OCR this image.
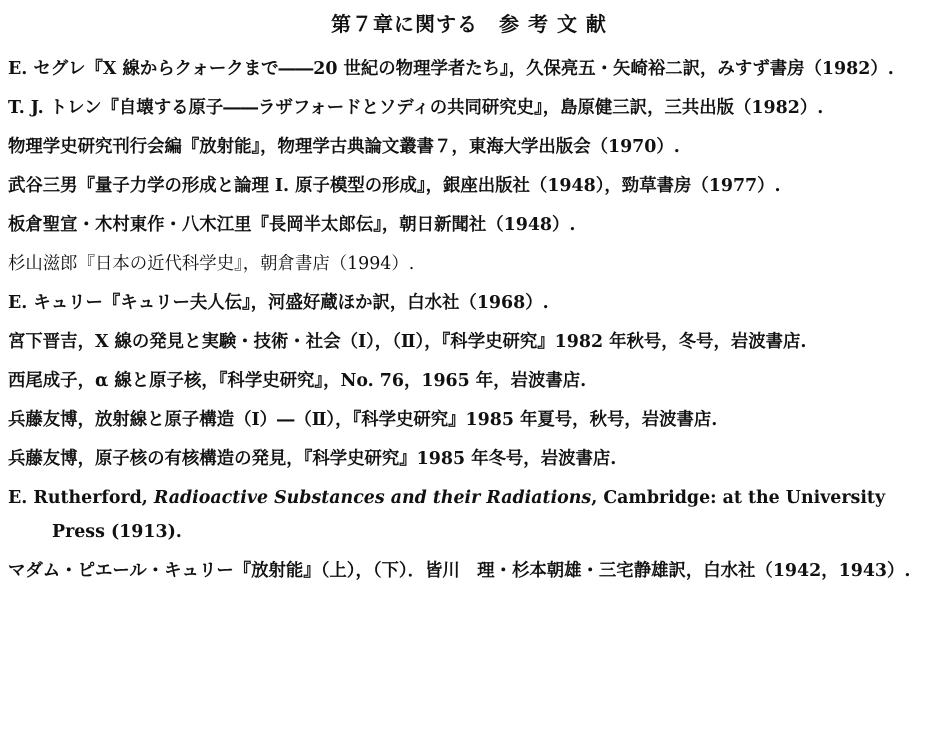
第７章に関する　参 考 文 献
E. セグレ『X 線からクォークまで――20 世紀の物理学者たち』，久保亮五・矢崎裕二訳，みすず書房（1982）.
T. J. トレン『自壊する原子――ラザフォードとソディの共同研究史』，島原健三訳，三共出版（1982）.
物理学史研究刊行会編『放射能』，物理学古典論文叢書７，東海大学出版会（1970）.
武谷三男『量子力学の形成と論理 I. 原子模型の形成』，銀座出版社（1948），勁草書房（1977）.
板倉聖宣・木村東作・八木江里『長岡半太郎伝』，朝日新聞社（1948）.
杉山滋郎『日本の近代科学史』，朝倉書店（1994）.
E. キュリー『キュリー夫人伝』，河盛好蔵ほか訳，白水社（1968）.
宮下晋吉，X 線の発見と実験・技術・社会（Ⅰ），（Ⅱ），『科学史研究』1982 年秋号，冬号，岩波書店.
西尾成子，α 線と原子核，『科学史研究』，No. 76，1965 年，岩波書店.
兵藤友博，放射線と原子構造（Ⅰ）―（Ⅱ），『科学史研究』1985 年夏号，秋号，岩波書店.
兵藤友博，原子核の有核構造の発見，『科学史研究』1985 年冬号，岩波書店.
E. Rutherford, Radioactive Substances and their Radiations, Cambridge: at the University Press (1913).
マダム・ピエール・キュリー『放射能』（上），（下）．皆川　理・杉本朝雄・三宅静雄訳，白水社（1942，1943）.
